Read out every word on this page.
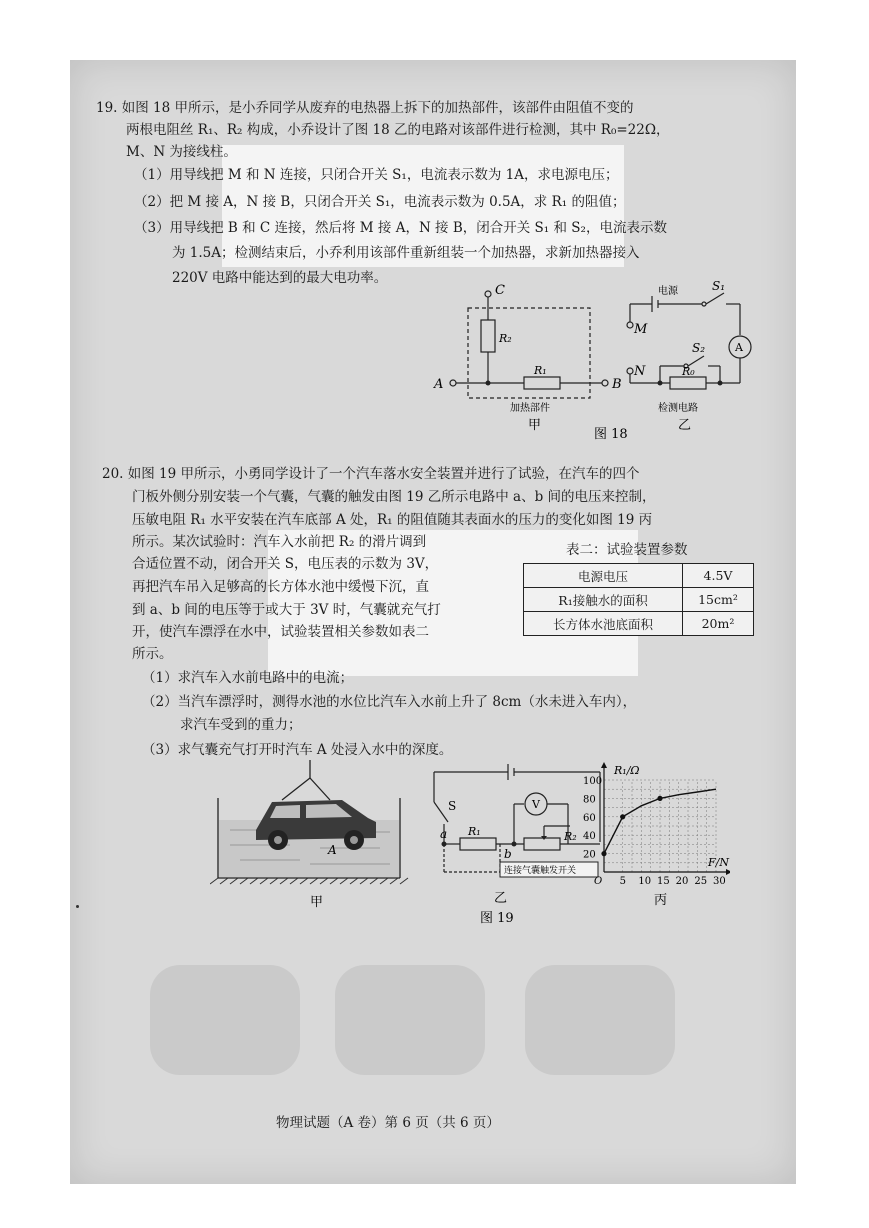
19. 如图 18 甲所示，是小乔同学从废弃的电热器上拆下的加热部件，该部件由阻值不变的
两根电阻丝 R₁、R₂ 构成，小乔设计了图 18 乙的电路对该部件进行检测，其中 R₀=22Ω，
M、N 为接线柱。
（1）用导线把 M 和 N 连接，只闭合开关 S₁，电流表示数为 1A，求电源电压；
（2）把 M 接 A，N 接 B，只闭合开关 S₁，电流表示数为 0.5A，求 R₁ 的阻值；
（3）用导线把 B 和 C 连接，然后将 M 接 A，N 接 B，闭合开关 S₁ 和 S₂，电流表示数
为 1.5A；检测结束后，小乔利用该部件重新组装一个加热器，求新加热器接入
220V 电路中能达到的最大电功率。
C
R₂
A
R₁
B
加热部件
甲
电源	S₁
M
A
N
S₂
R₀
检测电路
图 18
乙
20. 如图 19 甲所示，小勇同学设计了一个汽车落水安全装置并进行了试验，在汽车的四个
门板外侧分别安装一个气囊，气囊的触发由图 19 乙所示电路中 a、b 间的电压来控制，
压敏电阻 R₁ 水平安装在汽车底部 A 处，R₁ 的阻值随其表面水的压力的变化如图 19 丙
所示。某次试验时：汽车入水前把 R₂ 的滑片调到
合适位置不动，闭合开关 S，电压表的示数为 3V，
再把汽车吊入足够高的长方体水池中缓慢下沉，直
到 a、b 间的电压等于或大于 3V 时，气囊就充气打
开，使汽车漂浮在水中，试验装置相关参数如表二
所示。
表二：试验装置参数
电源电压	4.5V
R₁接触水的面积	15cm²
长方体水池底面积	20m²
（1）求汽车入水前电路中的电流；
（2）当汽车漂浮时，测得水池的水位比汽车入水前上升了 8cm（水未进入车内），
求汽车受到的重力；
（3）求气囊充气打开时汽车 A 处浸入水中的深度。
A
甲
连接气囊触发开关
S	V
a R₁
b
R₂
乙
图 19
5 10 15 20 25 30
20
40
60
80
100
R₁/Ω
F/N
O
丙
物理试题（A 卷）第 6 页（共 6 页）
